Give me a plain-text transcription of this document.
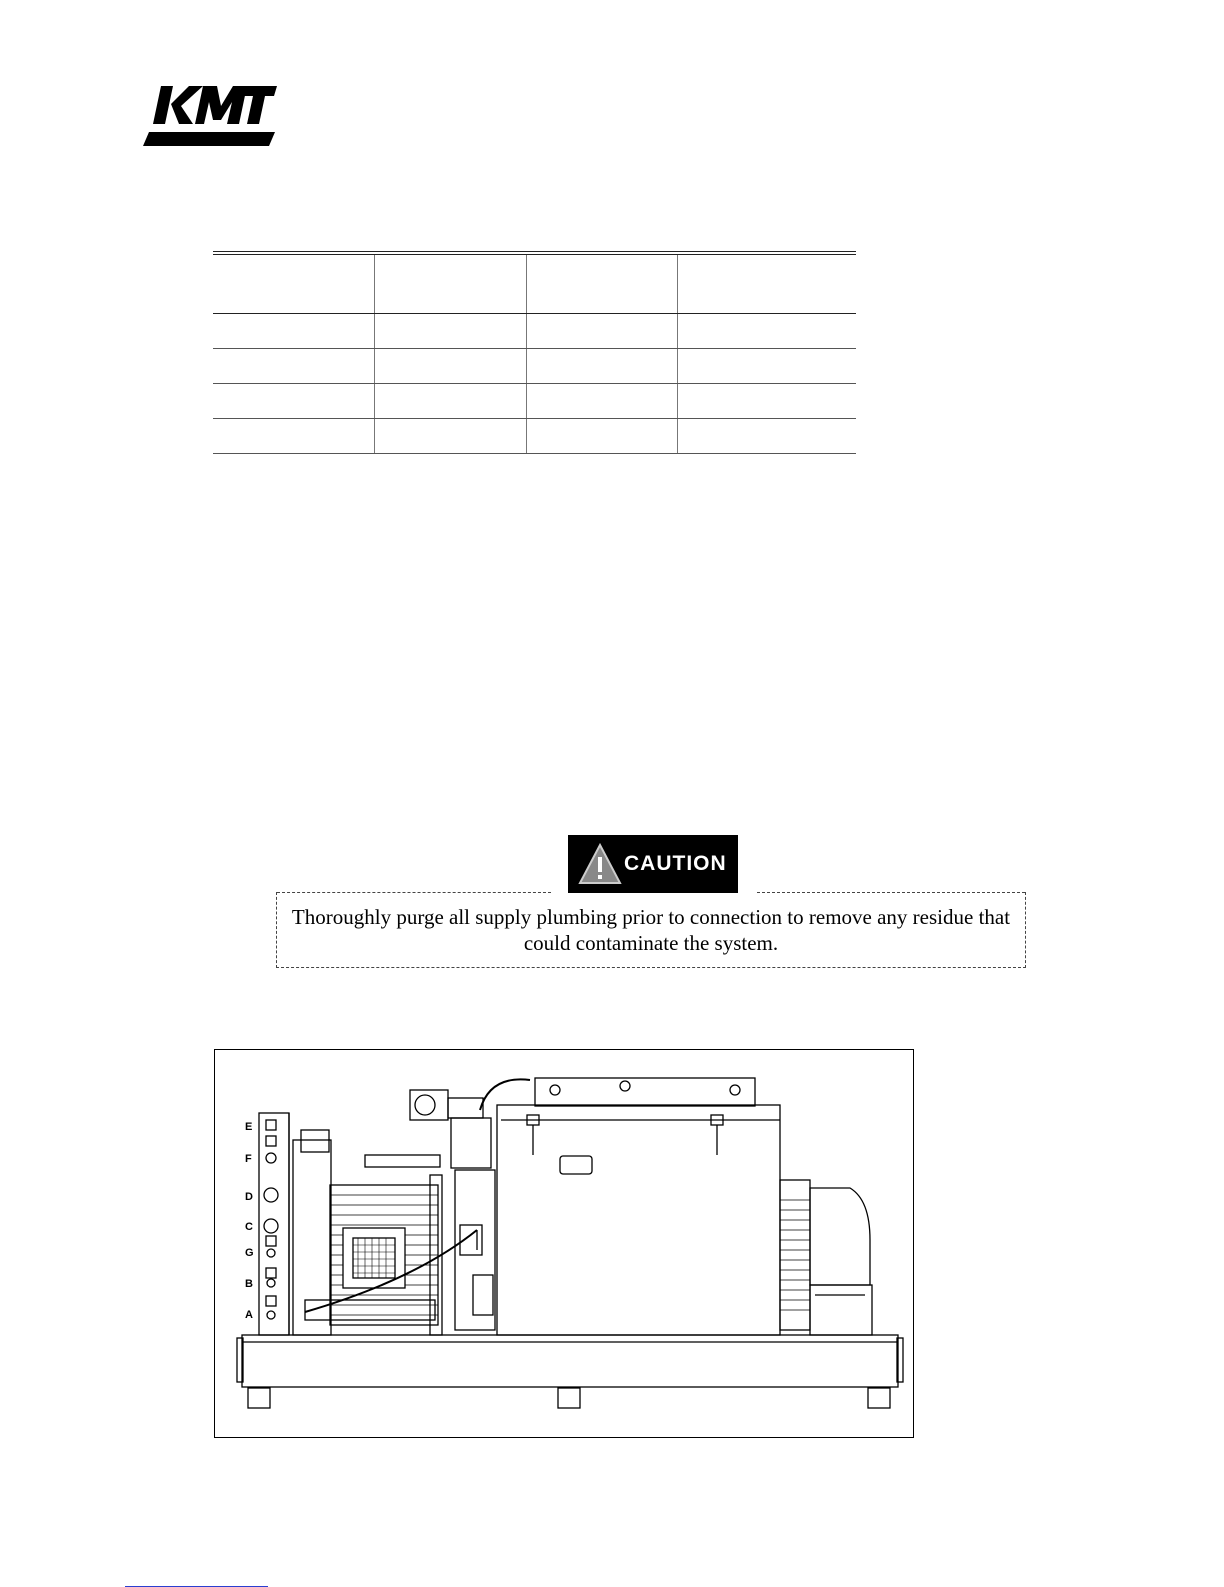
CAUTION
Thoroughly purge all supply plumbing prior to connection to remove any residue that could contaminate the system.
E
F
D
C
G
B
A
